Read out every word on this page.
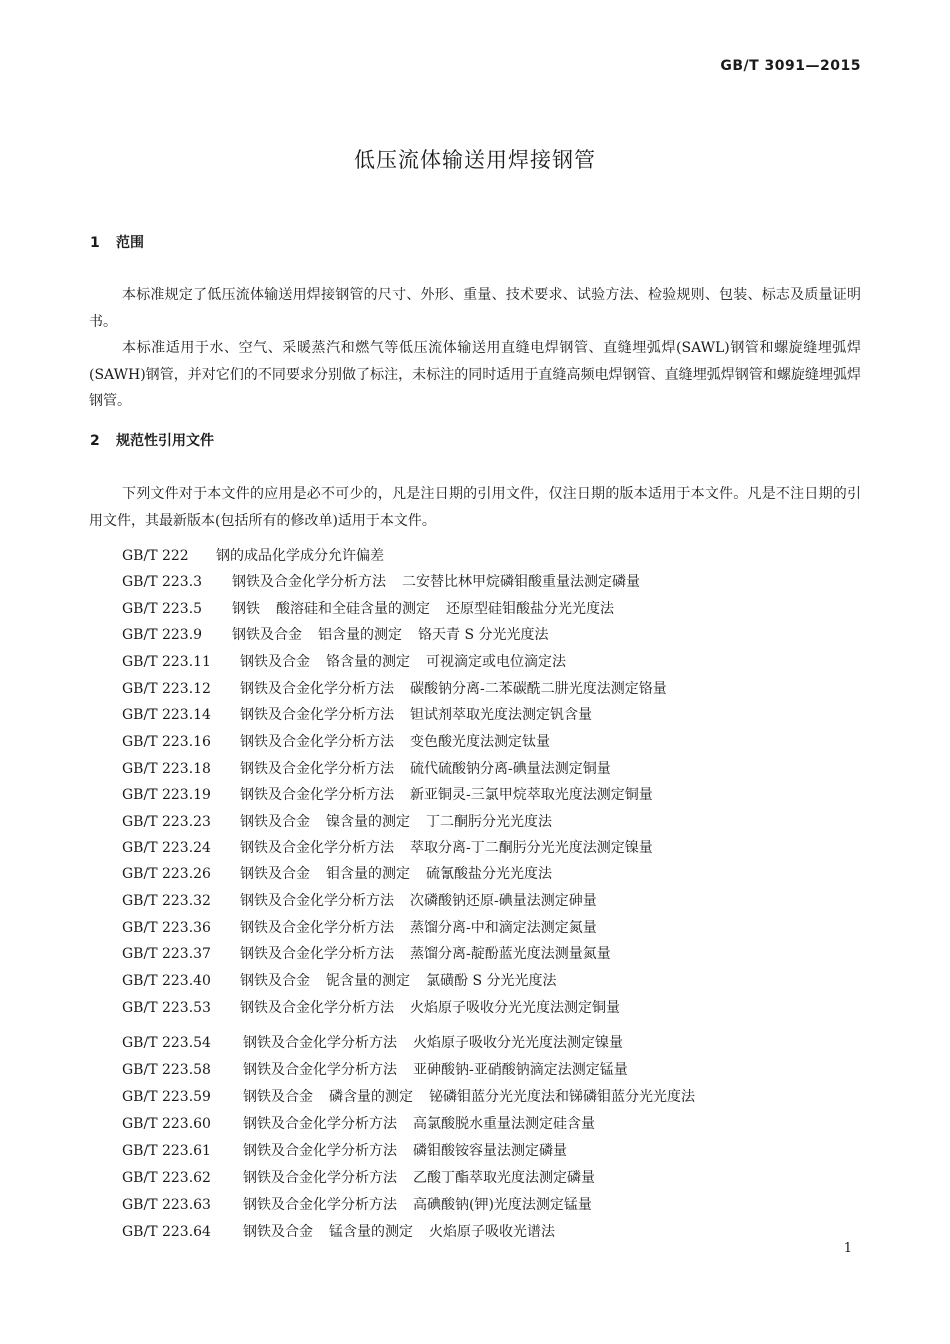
GB/T 3091—2015
低压流体输送用焊接钢管
1 范围
本标准规定了低压流体输送用焊接钢管的尺寸、外形、重量、技术要求、试验方法、检验规则、包装、标志及质量证明书。
本标准适用于水、空气、采暖蒸汽和燃气等低压流体输送用直缝电焊钢管、直缝埋弧焊(SAWL)钢管和螺旋缝埋弧焊(SAWH)钢管，并对它们的不同要求分别做了标注，未标注的同时适用于直缝高频电焊钢管、直缝埋弧焊钢管和螺旋缝埋弧焊钢管。
2 规范性引用文件
下列文件对于本文件的应用是必不可少的，凡是注日期的引用文件，仅注日期的版本适用于本文件。凡是不注日期的引用文件，其最新版本(包括所有的修改单)适用于本文件。
GB/T 222 钢的成品化学成分允许偏差
GB/T 223.3 钢铁及合金化学分析方法 二安替比林甲烷磷钼酸重量法测定磷量
GB/T 223.5 钢铁 酸溶硅和全硅含量的测定 还原型硅钼酸盐分光光度法
GB/T 223.9 钢铁及合金 铝含量的测定 铬天青 S 分光光度法
GB/T 223.11 钢铁及合金 铬含量的测定 可视滴定或电位滴定法
GB/T 223.12 钢铁及合金化学分析方法 碳酸钠分离-二苯碳酰二肼光度法测定铬量
GB/T 223.14 钢铁及合金化学分析方法 钽试剂萃取光度法测定钒含量
GB/T 223.16 钢铁及合金化学分析方法 变色酸光度法测定钛量
GB/T 223.18 钢铁及合金化学分析方法 硫代硫酸钠分离-碘量法测定铜量
GB/T 223.19 钢铁及合金化学分析方法 新亚铜灵-三氯甲烷萃取光度法测定铜量
GB/T 223.23 钢铁及合金 镍含量的测定 丁二酮肟分光光度法
GB/T 223.24 钢铁及合金化学分析方法 萃取分离-丁二酮肟分光光度法测定镍量
GB/T 223.26 钢铁及合金 钼含量的测定 硫氰酸盐分光光度法
GB/T 223.32 钢铁及合金化学分析方法 次磷酸钠还原-碘量法测定砷量
GB/T 223.36 钢铁及合金化学分析方法 蒸馏分离-中和滴定法测定氮量
GB/T 223.37 钢铁及合金化学分析方法 蒸馏分离-靛酚蓝光度法测量氮量
GB/T 223.40 钢铁及合金 铌含量的测定 氯磺酚 S 分光光度法
GB/T 223.53 钢铁及合金化学分析方法 火焰原子吸收分光光度法测定铜量
GB/T 223.54 钢铁及合金化学分析方法 火焰原子吸收分光光度法测定镍量
GB/T 223.58 钢铁及合金化学分析方法 亚砷酸钠-亚硝酸钠滴定法测定锰量
GB/T 223.59 钢铁及合金 磷含量的测定 铋磷钼蓝分光光度法和锑磷钼蓝分光光度法
GB/T 223.60 钢铁及合金化学分析方法 高氯酸脱水重量法测定硅含量
GB/T 223.61 钢铁及合金化学分析方法 磷钼酸铵容量法测定磷量
GB/T 223.62 钢铁及合金化学分析方法 乙酸丁酯萃取光度法测定磷量
GB/T 223.63 钢铁及合金化学分析方法 高碘酸钠(钾)光度法测定锰量
GB/T 223.64 钢铁及合金 锰含量的测定 火焰原子吸收光谱法
1
